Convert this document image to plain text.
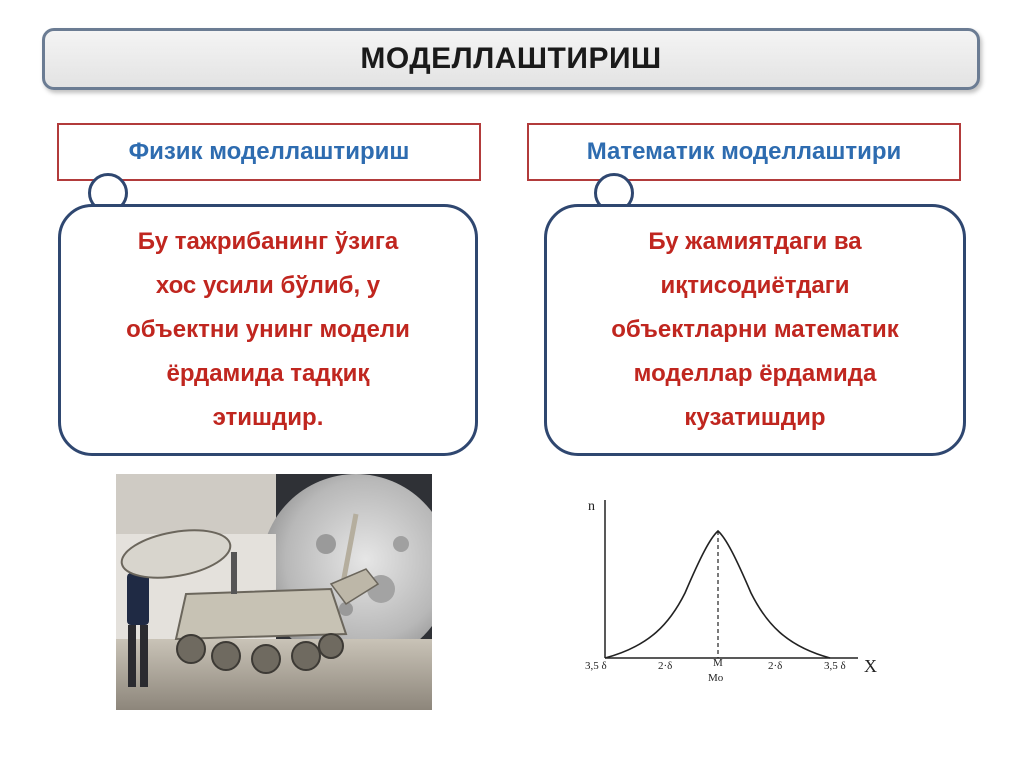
МОДЕЛЛАШТИРИШ
Физик моделлаштириш	Математик моделлаштири
Бу тажрибанинг ўзига
хос усили бўлиб, у
объектни унинг модели
ёрдамида тадқиқ
этишдир.
Бу жамиятдаги ва
иқтисодиётдаги
объектларни математик
моделлар ёрдамида
кузатишдир
n
X
3,5 δ	2·δ	M
Mo
2·δ	3,5 δ
